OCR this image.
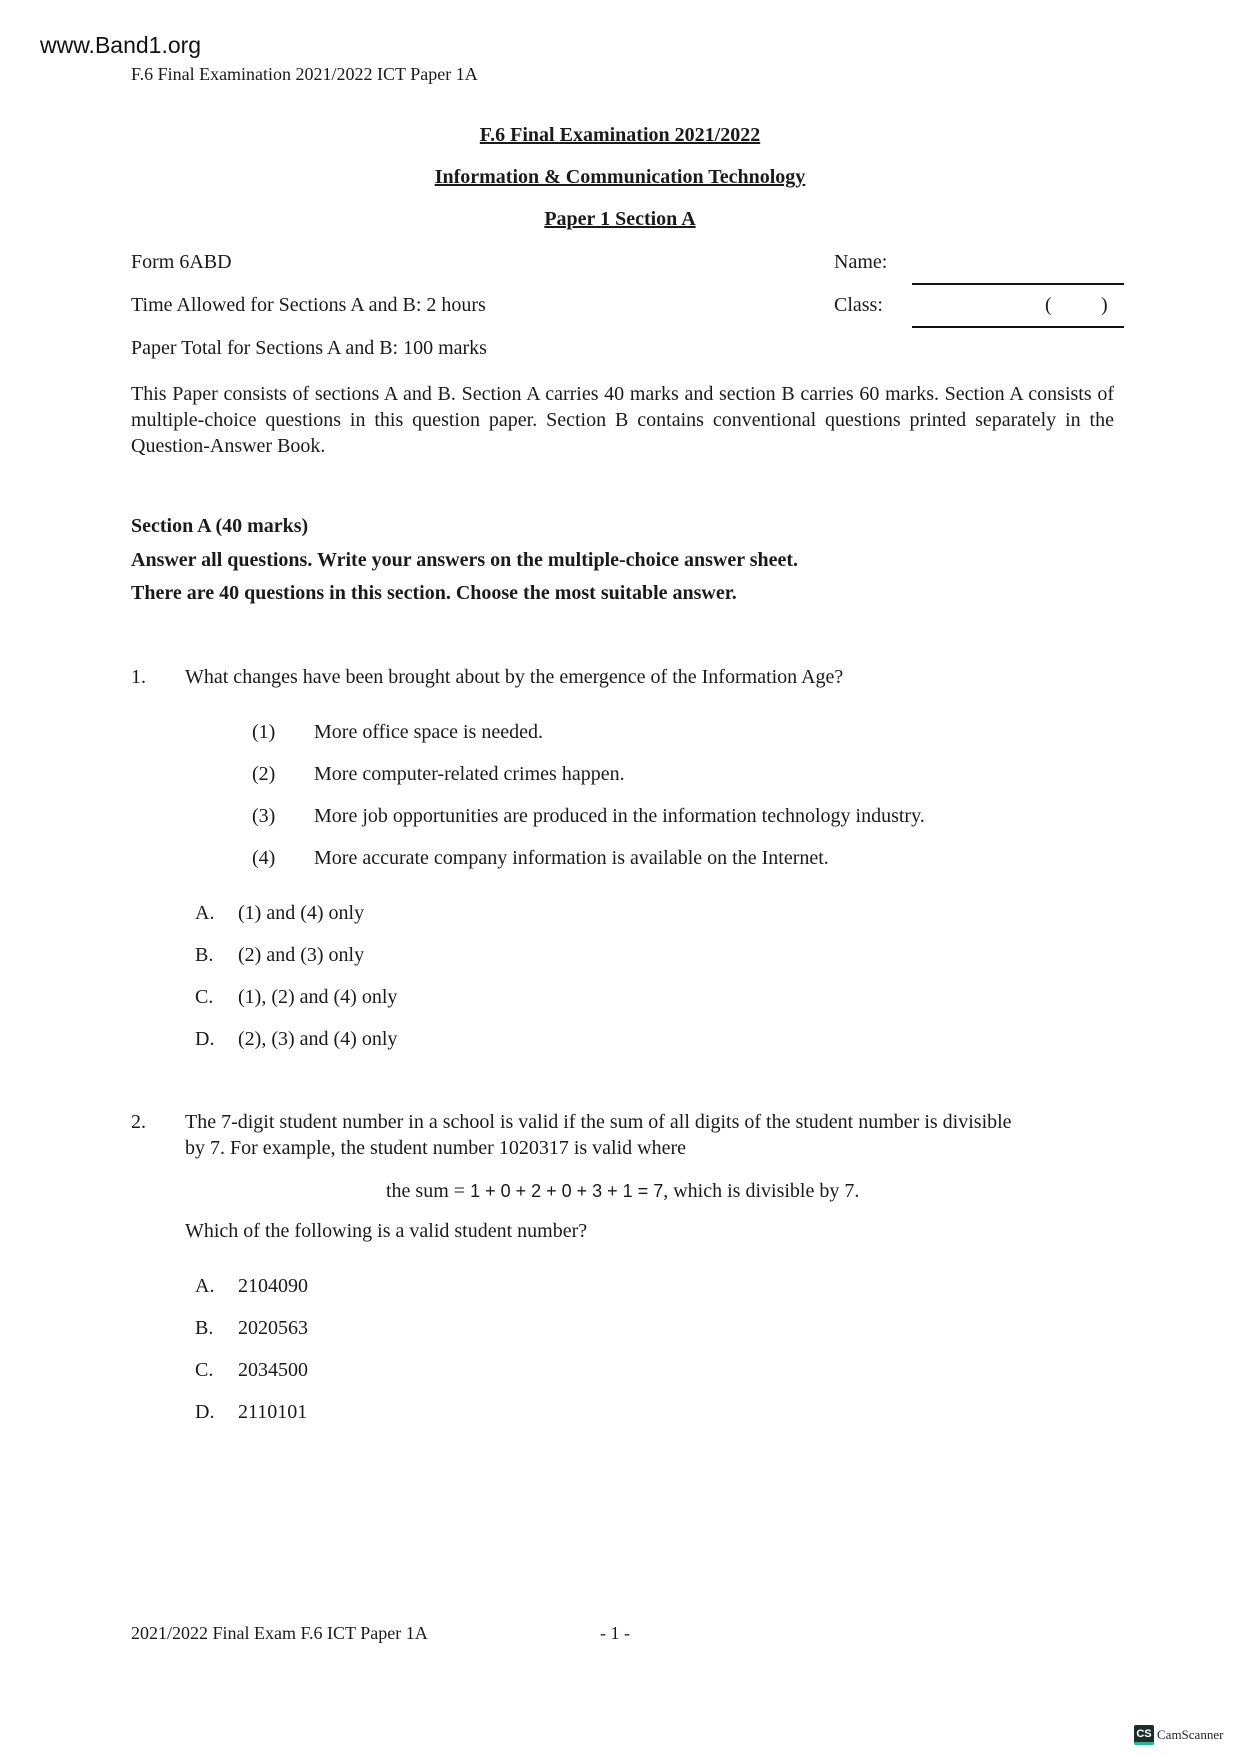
www.Band1.org
F.6 Final Examination 2021/2022 ICT Paper 1A
F.6 Final Examination 2021/2022
Information & Communication Technology
Paper 1 Section A
Form 6ABD
Time Allowed for Sections A and B: 2 hours
Paper Total for Sections A and B: 100 marks
Name:
Class:	( )
This Paper consists of sections A and B. Section A carries 40 marks and section B carries 60 marks. Section A consists of multiple-choice questions in this question paper. Section B contains conventional questions printed separately in the Question-Answer Book.
Section A (40 marks)
Answer all questions. Write your answers on the multiple-choice answer sheet.
There are 40 questions in this section. Choose the most suitable answer.
1. What changes have been brought about by the emergence of the Information Age?
(1) More office space is needed.
(2) More computer-related crimes happen.
(3) More job opportunities are produced in the information technology industry.
(4) More accurate company information is available on the Internet.
A. (1) and (4) only
B. (2) and (3) only
C. (1), (2) and (4) only
D. (2), (3) and (4) only
2. The 7-digit student number in a school is valid if the sum of all digits of the student number is divisible
by 7. For example, the student number 1020317 is valid where
the sum = 1 + 0 + 2 + 0 + 3 + 1 = 7, which is divisible by 7.
Which of the following is a valid student number?
A. 2104090
B. 2020563
C. 2034500
D. 2110101
2021/2022 Final Exam F.6 ICT Paper 1A	- 1 -
CS CamScanner
